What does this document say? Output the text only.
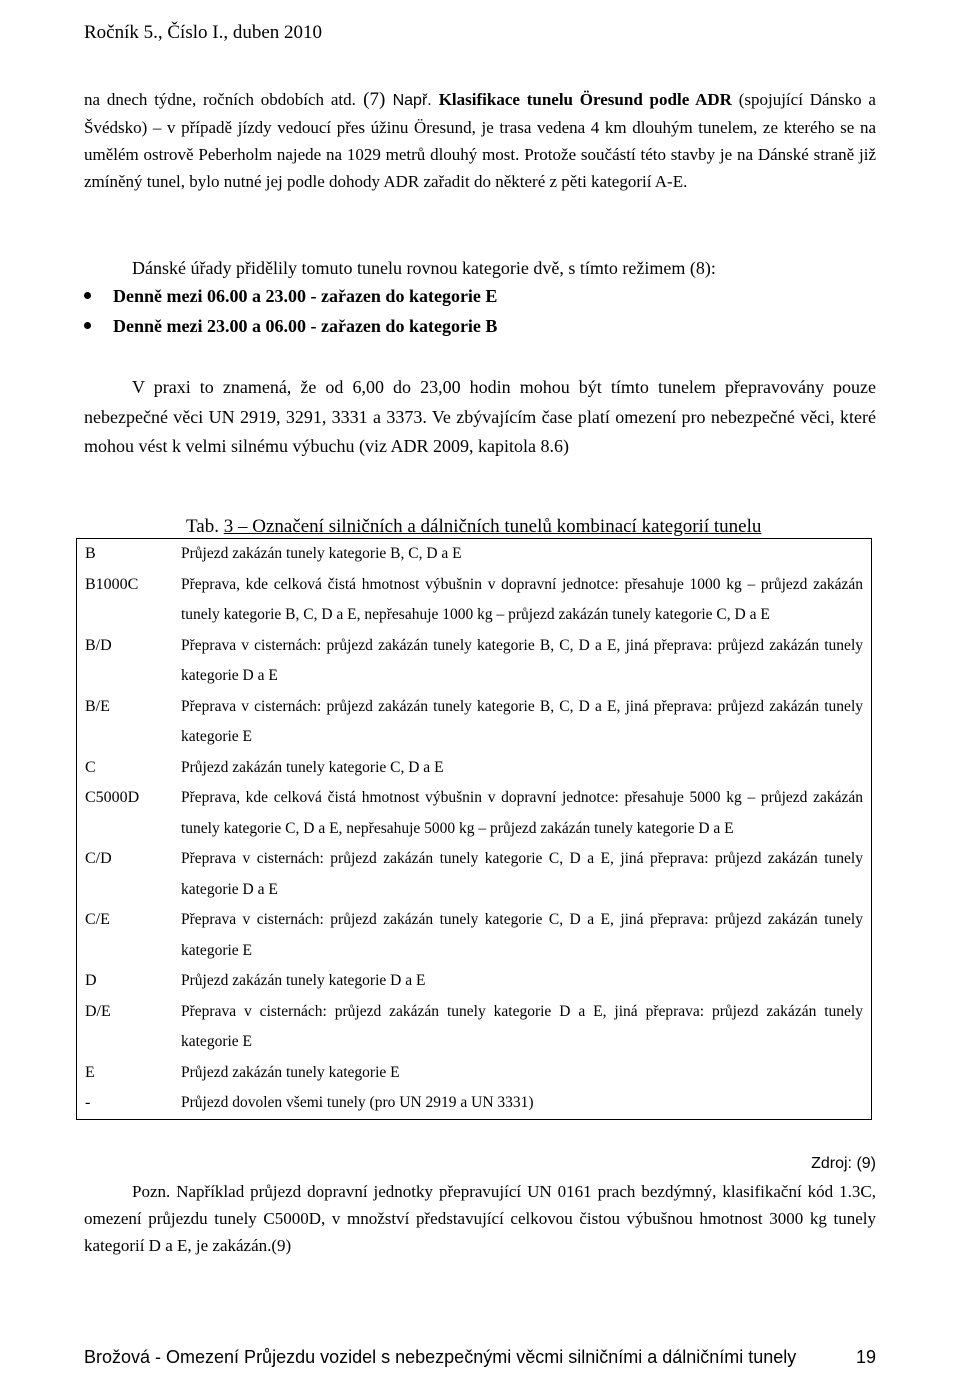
Ročník 5., Číslo I., duben 2010
na dnech týdne, ročních obdobích atd. (7) Např. Klasifikace tunelu Öresund podle ADR (spojující Dánsko a Švédsko) – v případě jízdy vedoucí přes úžinu Öresund, je trasa vedena 4 km dlouhým tunelem, ze kterého se na umělém ostrově Peberholm najede na 1029 metrů dlouhý most. Protože součástí této stavby je na Dánské straně již zmíněný tunel, bylo nutné jej podle dohody ADR zařadit do některé z pěti kategorií A-E.
Dánské úřady přidělily tomuto tunelu rovnou kategorie dvě, s tímto režimem (8):
Denně mezi 06.00 a 23.00 - zařazen do kategorie E
Denně mezi 23.00 a 06.00 - zařazen do kategorie B
V praxi to znamená, že od 6,00 do 23,00 hodin mohou být tímto tunelem přepravovány pouze nebezpečné věci UN 2919, 3291, 3331 a 3373. Ve zbývajícím čase platí omezení pro nebezpečné věci, které mohou vést k velmi silnému výbuchu (viz ADR 2009, kapitola 8.6)
Tab. 3 – Označení silničních a dálničních tunelů kombinací kategorií tunelu
B	Průjezd zakázán tunely kategorie B, C, D a E
B1000C	Přeprava, kde celková čistá hmotnost výbušnin v dopravní jednotce: přesahuje 1000 kg – průjezd zakázán tunely kategorie B, C, D a E, nepřesahuje 1000 kg – průjezd zakázán tunely kategorie C, D a E
B/D	Přeprava v cisternách: průjezd zakázán tunely kategorie B, C, D a E, jiná přeprava: průjezd zakázán tunely kategorie D a E
B/E	Přeprava v cisternách: průjezd zakázán tunely kategorie B, C, D a E, jiná přeprava: průjezd zakázán tunely kategorie E
C	Průjezd zakázán tunely kategorie C, D a E
C5000D	Přeprava, kde celková čistá hmotnost výbušnin v dopravní jednotce: přesahuje 5000 kg – průjezd zakázán tunely kategorie C, D a E, nepřesahuje 5000 kg – průjezd zakázán tunely kategorie D a E
C/D	Přeprava v cisternách: průjezd zakázán tunely kategorie C, D a E, jiná přeprava: průjezd zakázán tunely kategorie D a E
C/E	Přeprava v cisternách: průjezd zakázán tunely kategorie C, D a E, jiná přeprava: průjezd zakázán tunely kategorie E
D	Průjezd zakázán tunely kategorie D a E
D/E	Přeprava v cisternách: průjezd zakázán tunely kategorie D a E, jiná přeprava: průjezd zakázán tunely kategorie E
E	Průjezd zakázán tunely kategorie E
-	Průjezd dovolen všemi tunely (pro UN 2919 a UN 3331)
Zdroj: (9)
Pozn. Například průjezd dopravní jednotky přepravující UN 0161 prach bezdýmný, klasifikační kód 1.3C, omezení průjezdu tunely C5000D, v množství představující celkovou čistou výbušnou hmotnost 3000 kg tunely kategorií D a E, je zakázán.(9)
Brožová - Omezení Průjezdu vozidel s nebezpečnými věcmi silničními a dálničními tunely	19
